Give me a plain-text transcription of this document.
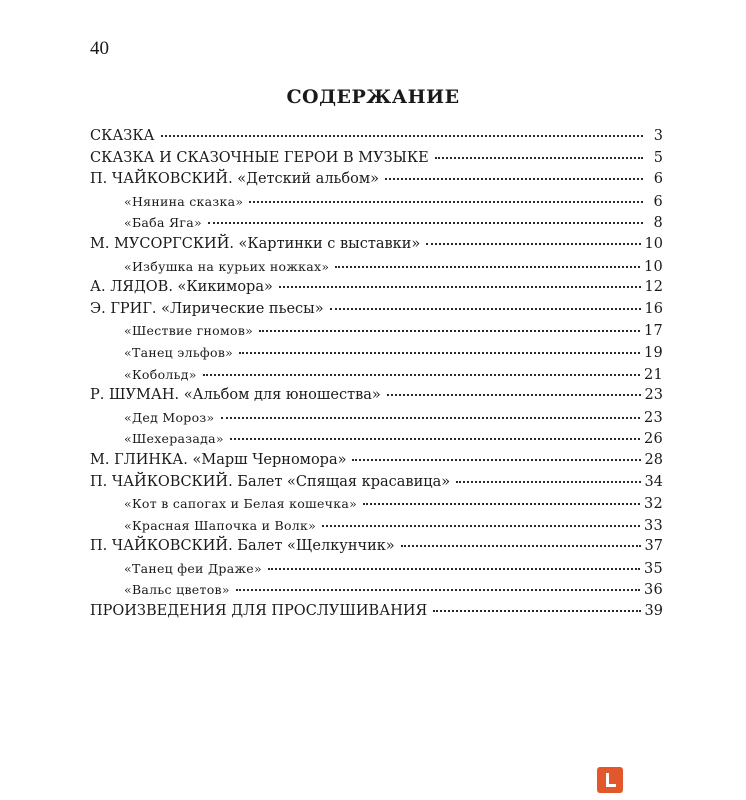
40
СОДЕРЖАНИЕ
СКАЗКА	3
СКАЗКА И СКАЗОЧНЫЕ ГЕРОИ В МУЗЫКЕ	5
П. ЧАЙКОВСКИЙ. «Детский альбом»	6
«Нянина сказка»	6
«Баба Яга»	8
М. МУСОРГСКИЙ. «Картинки с выставки»	10
«Избушка на курьих ножках»	10
А. ЛЯДОВ. «Кикимора»	12
Э. ГРИГ. «Лирические пьесы»	16
«Шествие гномов»	17
«Танец эльфов»	19
«Кобольд»	21
Р. ШУМАН. «Альбом для юношества»	23
«Дед Мороз»	23
«Шехеразада»	26
М. ГЛИНКА. «Марш Черномора»	28
П. ЧАЙКОВСКИЙ. Балет «Спящая красавица»	34
«Кот в сапогах и Белая кошечка»	32
«Красная Шапочка и Волк»	33
П. ЧАЙКОВСКИЙ. Балет «Щелкунчик»	37
«Танец феи Драже»	35
«Вальс цветов»	36
ПРОИЗВЕДЕНИЯ ДЛЯ ПРОСЛУШИВАНИЯ	39
